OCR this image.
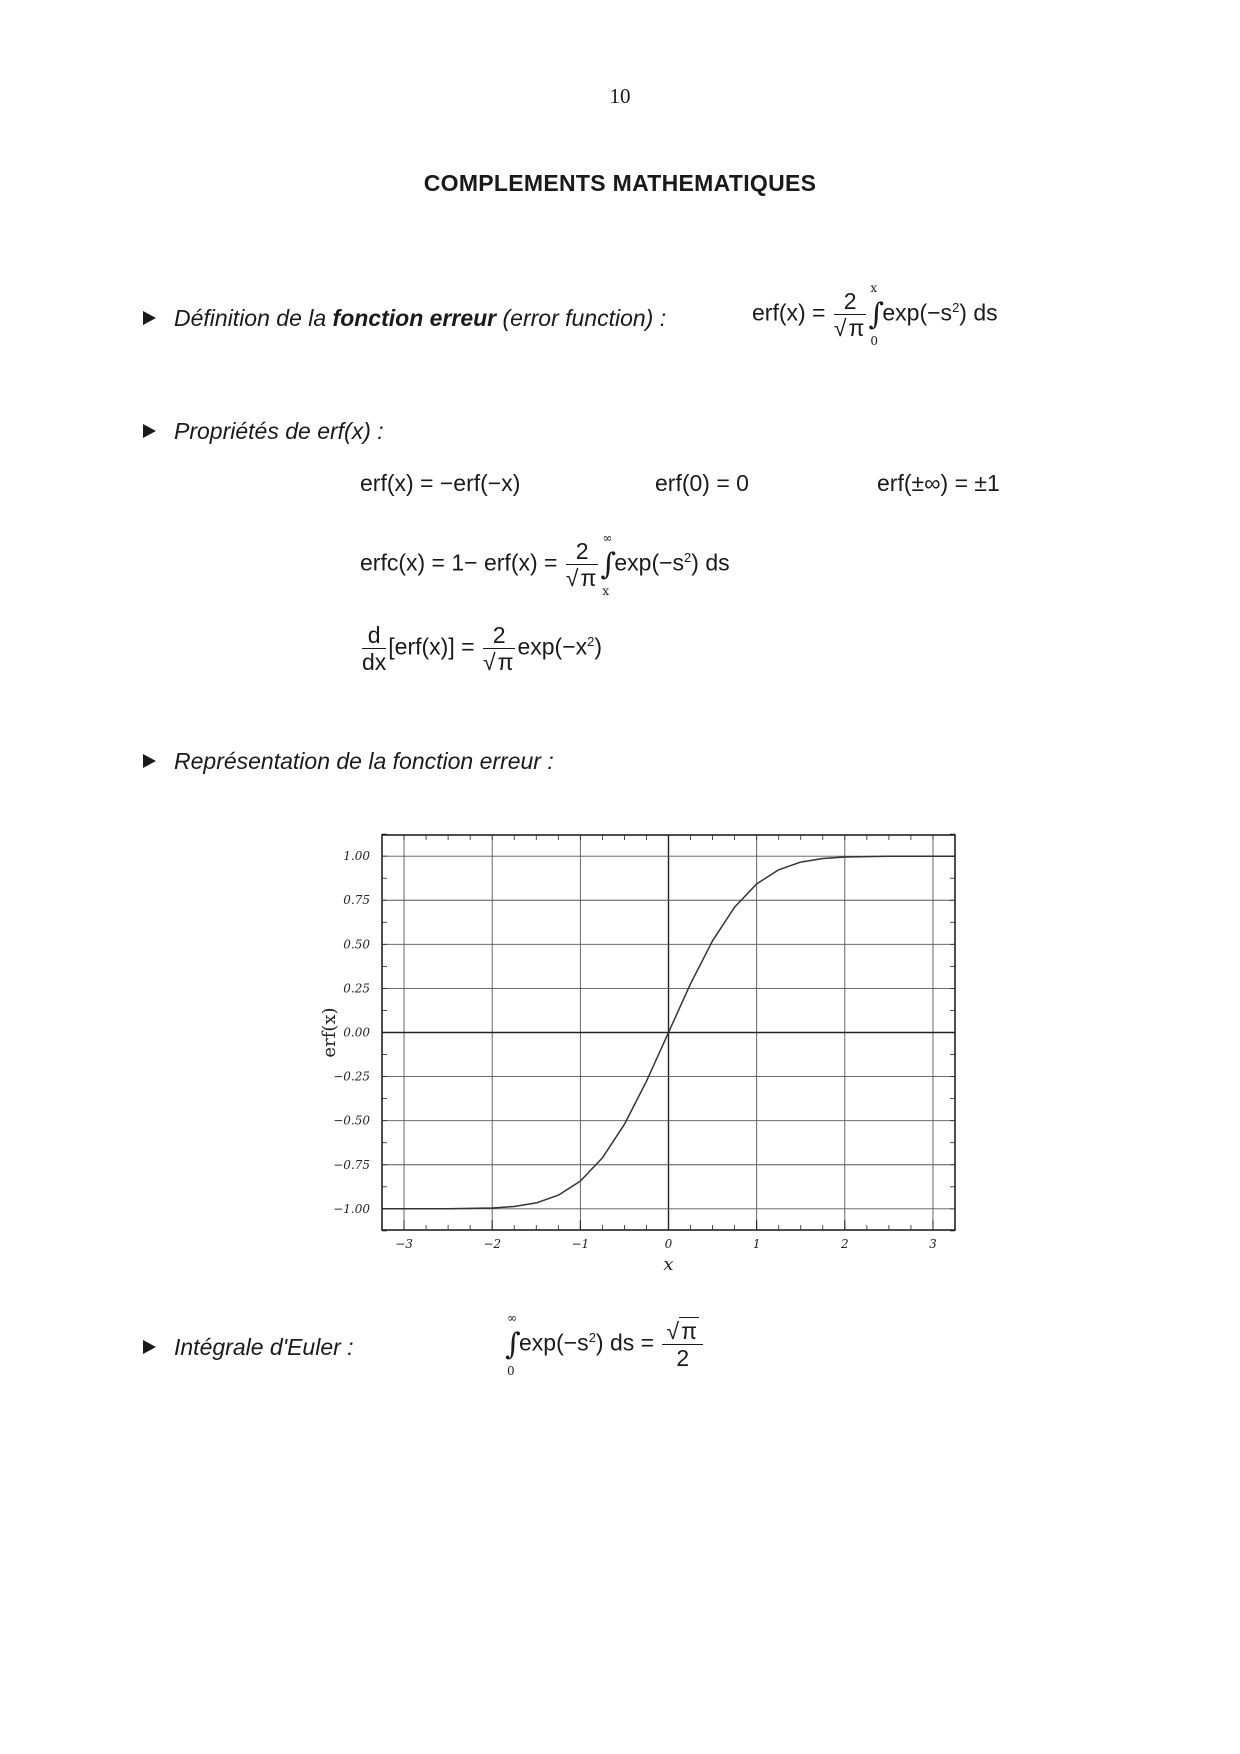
10
COMPLEMENTS MATHEMATIQUES
Définition de la fonction erreur (error function) :	$erf(x) = \frac{2}{√\pi}$ ∫
x
0
$\exp(-s^2)$ ds
Propriétés de erf(x) :
erf(x) = −erf(−x)	erf(0) = 0	erf(±∞) = ±1
erfc(x) = $1- erf(x) = \frac{2}{√\pi}$ ∫
∞
x
$\exp(-s^2)$ ds
$\frac{d}{dx} [erf(x)] = \frac{2}{√\pi} \exp(-x^2)$
Représentation de la fonction erreur :
−3	−2	−1	0	1	2	3
1.00
0.75
0.50
0.25
0.00
−0.25
−0.50
−0.75
−1.00
x
erf(x)
Intégrale d'Euler :	∫
∞
0
$\exp(-s^2)$ ds = $\frac{√\pi}{2}$
